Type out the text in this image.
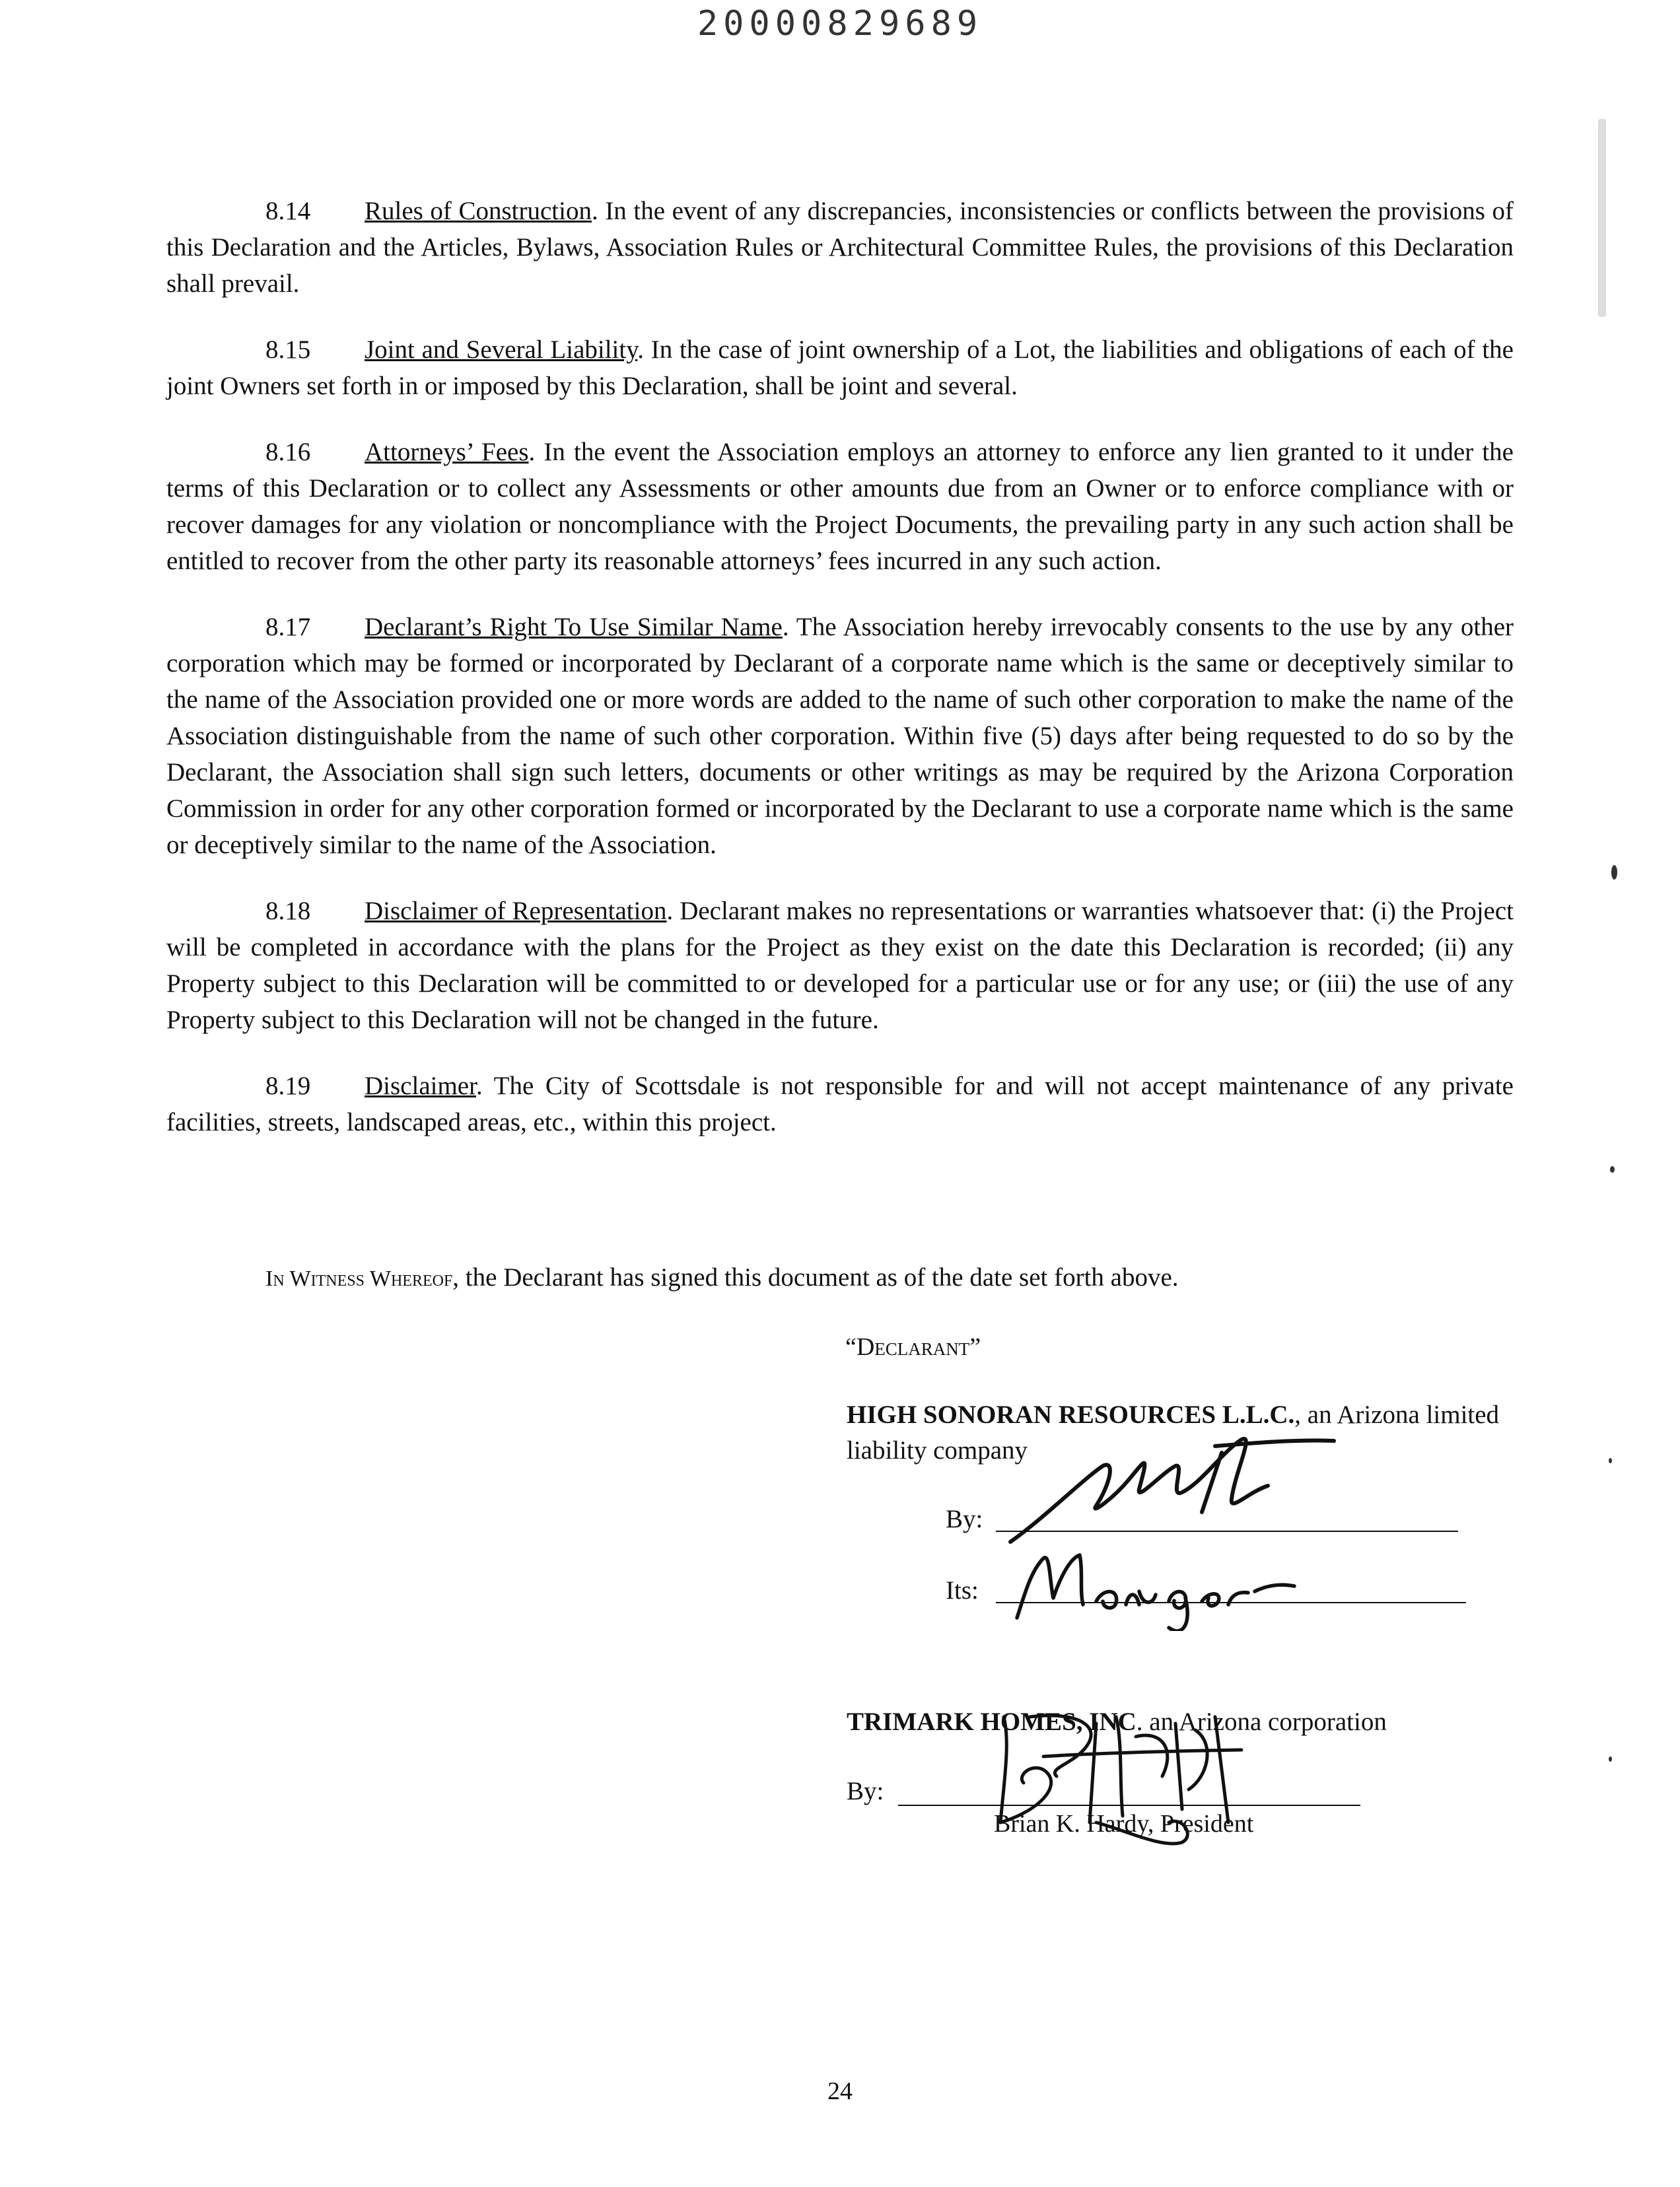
20000829689

8.14 Rules of Construction. In the event of any discrepancies, inconsistencies or conflicts between the provisions of this Declaration and the Articles, Bylaws, Association Rules or Architectural Committee Rules, the provisions of this Declaration shall prevail.

8.15 Joint and Several Liability. In the case of joint ownership of a Lot, the liabilities and obligations of each of the joint Owners set forth in or imposed by this Declaration, shall be joint and several.

8.16 Attorneys’ Fees. In the event the Association employs an attorney to enforce any lien granted to it under the terms of this Declaration or to collect any Assessments or other amounts due from an Owner or to enforce compliance with or recover damages for any violation or noncompliance with the Project Documents, the prevailing party in any such action shall be entitled to recover from the other party its reasonable attorneys’ fees incurred in any such action.

8.17 Declarant’s Right To Use Similar Name. The Association hereby irrevocably consents to the use by any other corporation which may be formed or incorporated by Declarant of a corporate name which is the same or deceptively similar to the name of the Association provided one or more words are added to the name of such other corporation to make the name of the Association distinguishable from the name of such other corporation. Within five (5) days after being requested to do so by the Declarant, the Association shall sign such letters, documents or other writings as may be required by the Arizona Corporation Commission in order for any other corporation formed or incorporated by the Declarant to use a corporate name which is the same or deceptively similar to the name of the Association.

8.18 Disclaimer of Representation. Declarant makes no representations or warranties whatsoever that: (i) the Project will be completed in accordance with the plans for the Project as they exist on the date this Declaration is recorded; (ii) any Property subject to this Declaration will be committed to or developed for a particular use or for any use; or (iii) the use of any Property subject to this Declaration will not be changed in the future.

8.19 Disclaimer. The City of Scottsdale is not responsible for and will not accept maintenance of any private facilities, streets, landscaped areas, etc., within this project.

In Witness Whereof, the Declarant has signed this document as of the date set forth above.
“Declarant”
HIGH SONORAN RESOURCES L.L.C., an Arizona limited liability company
By:
Its:
TRIMARK HOMES, INC. an Arizona corporation
By:
Brian K. Hardy, President
24
